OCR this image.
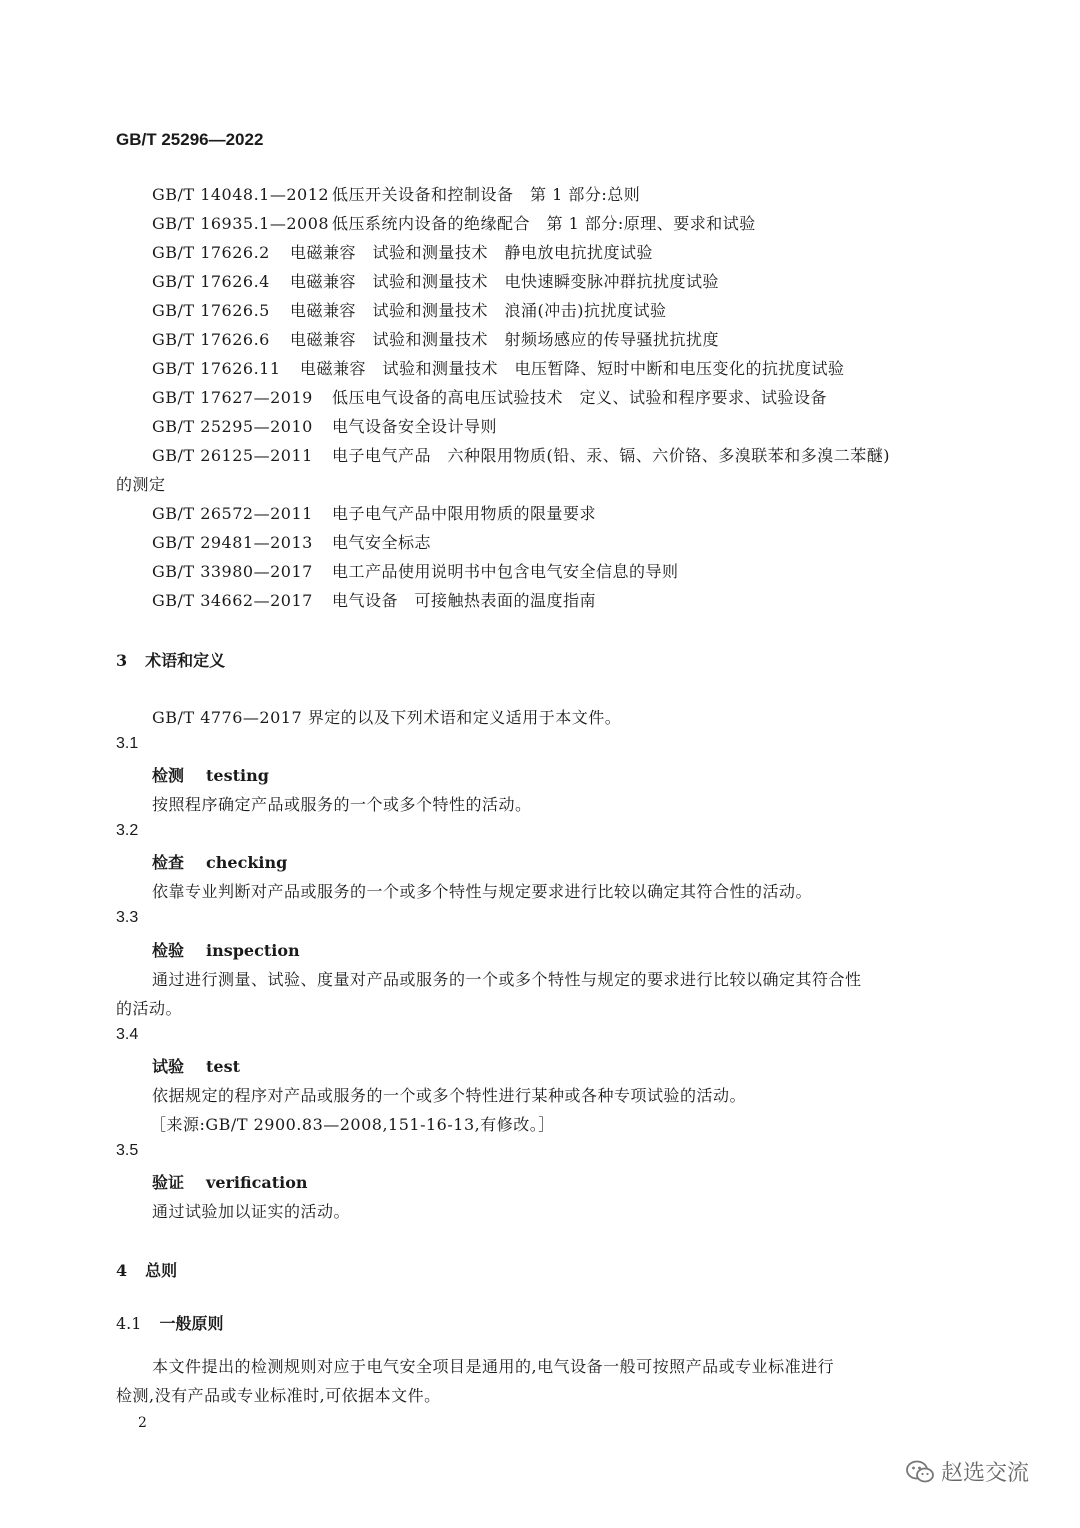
GB/T 25296—2022
GB/T 14048.1—2012 低压开关设备和控制设备　第 1 部分:总则
GB/T 16935.1—2008 低压系统内设备的绝缘配合　第 1 部分:原理、要求和试验
GB/T 17626.2 电磁兼容　试验和测量技术　静电放电抗扰度试验
GB/T 17626.4 电磁兼容　试验和测量技术　电快速瞬变脉冲群抗扰度试验
GB/T 17626.5 电磁兼容　试验和测量技术　浪涌(冲击)抗扰度试验
GB/T 17626.6 电磁兼容　试验和测量技术　射频场感应的传导骚扰抗扰度
GB/T 17626.11 电磁兼容　试验和测量技术　电压暂降、短时中断和电压变化的抗扰度试验
GB/T 17627—2019 低压电气设备的高电压试验技术　定义、试验和程序要求、试验设备
GB/T 25295—2010 电气设备安全设计导则
GB/T 26125—2011 电子电气产品　六种限用物质(铅、汞、镉、六价铬、多溴联苯和多溴二苯醚)
的测定
GB/T 26572—2011 电子电气产品中限用物质的限量要求
GB/T 29481—2013 电气安全标志
GB/T 33980—2017 电工产品使用说明书中包含电气安全信息的导则
GB/T 34662—2017 电气设备　可接触热表面的温度指南
3 术语和定义
GB/T 4776—2017 界定的以及下列术语和定义适用于本文件。
3.1
检测 testing
按照程序确定产品或服务的一个或多个特性的活动。
3.2
检查 checking
依靠专业判断对产品或服务的一个或多个特性与规定要求进行比较以确定其符合性的活动。
3.3
检验 inspection
通过进行测量、试验、度量对产品或服务的一个或多个特性与规定的要求进行比较以确定其符合性
的活动。
3.4
试验 test
依据规定的程序对产品或服务的一个或多个特性进行某种或各种专项试验的活动。
［来源:GB/T 2900.83—2008,151-16-13,有修改。］
3.5
验证 verification
通过试验加以证实的活动。
4 总则
4.1 一般原则
本文件提出的检测规则对应于电气安全项目是通用的,电气设备一般可按照产品或专业标准进行
检测,没有产品或专业标准时,可依据本文件。
2
赵选交流
